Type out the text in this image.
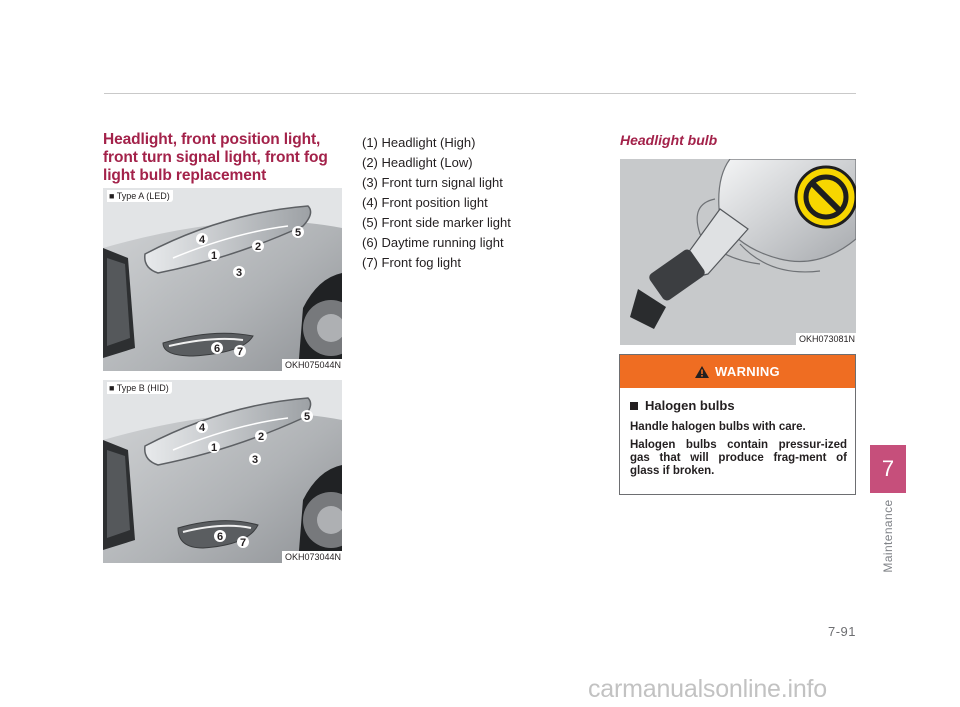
Headlight, front position light,
front turn signal light, front fog
light bulb replacement
4
1
2
3
5
6 7
■ Type A (LED)
OKH075044N
4
1
2
3
5
6 7
■ Type B (HID)
OKH073044N
(1) Headlight (High)
(2) Headlight (Low)
(3) Front turn signal light
(4) Front position light
(5) Front side marker light
(6) Daytime running light
(7) Front fog light
Headlight bulb
OKH073081N
WARNING
Halogen bulbs

Handle halogen bulbs with care.

Halogen bulbs contain pressur-ized gas that will produce frag-ment of glass if broken.	7
Maintenance
7-91
carmanualsonline.info
